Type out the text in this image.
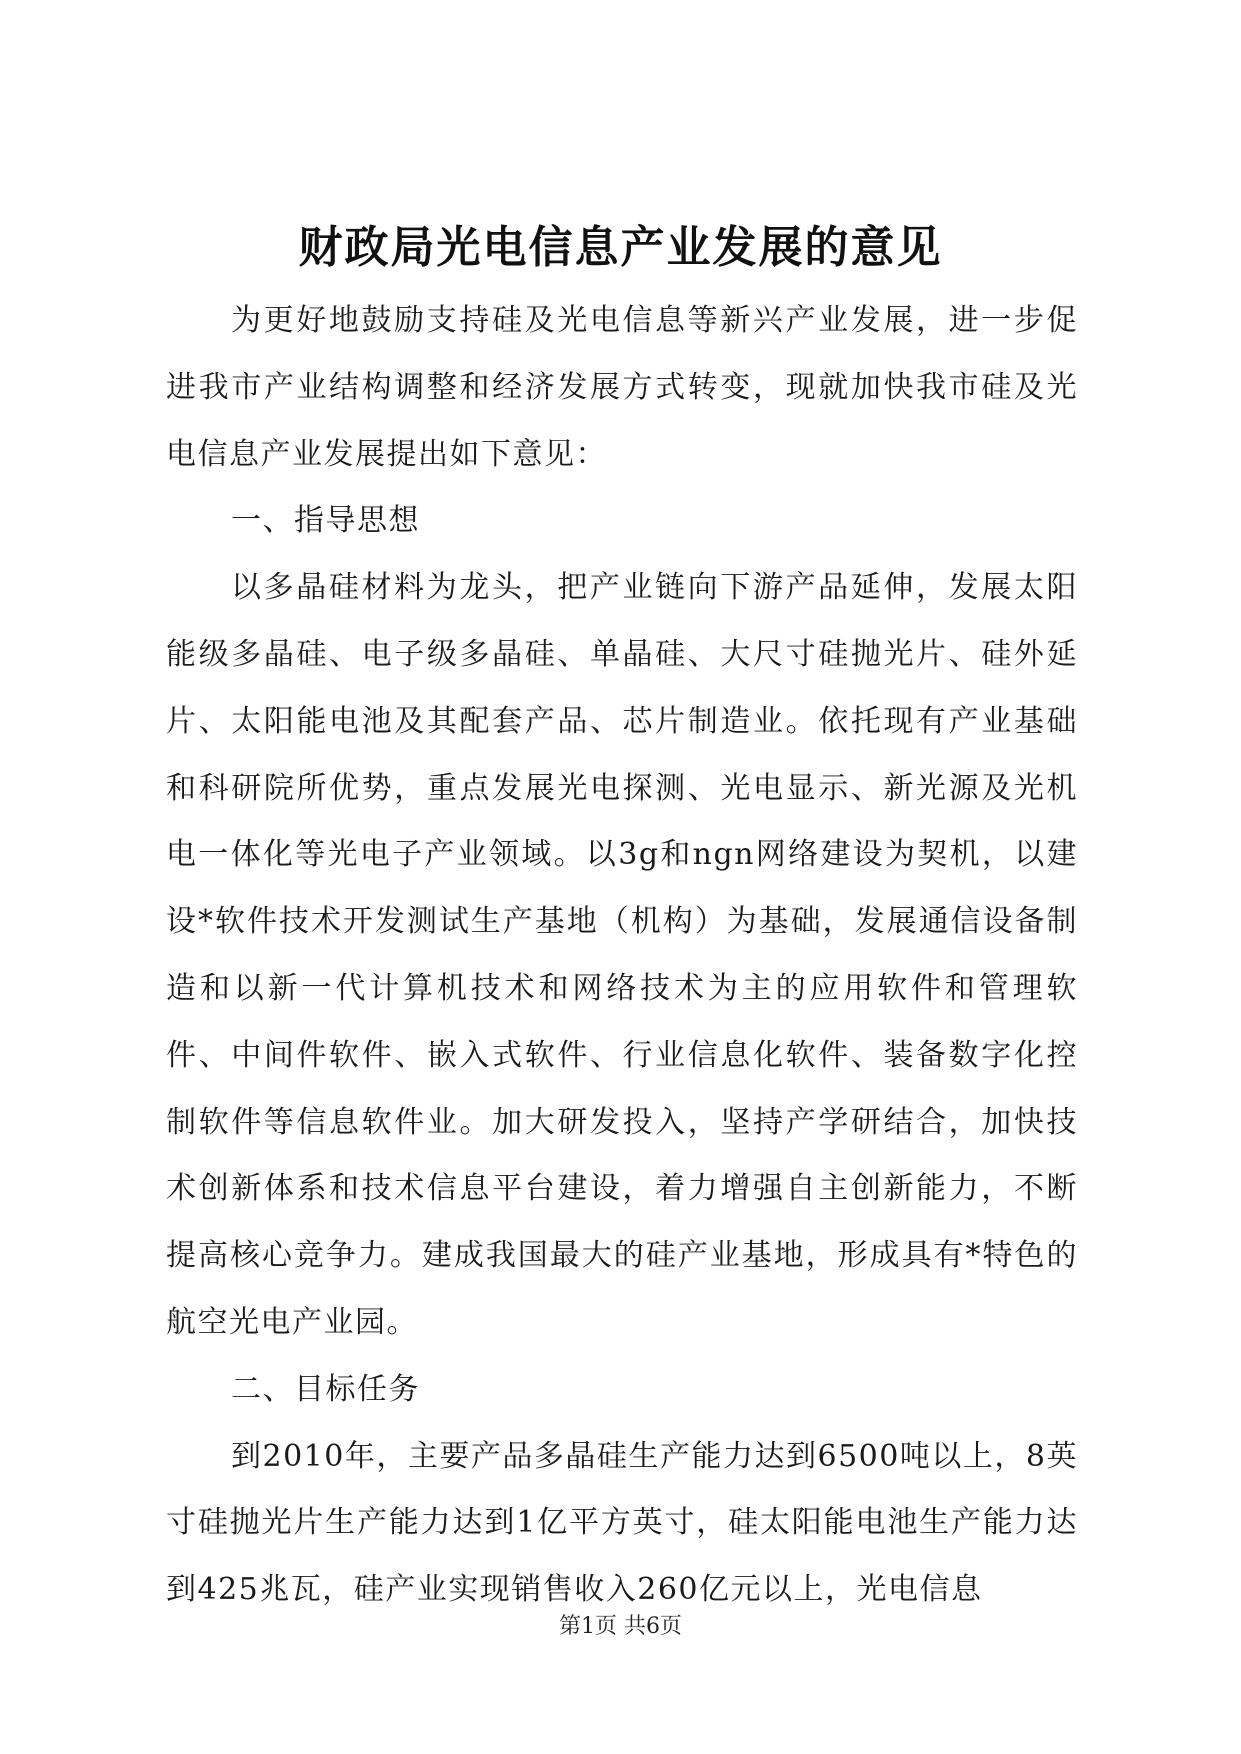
财政局光电信息产业发展的意见

为更好地鼓励支持硅及光电信息等新兴产业发展，进一步促进我市产业结构调整和经济发展方式转变，现就加快我市硅及光电信息产业发展提出如下意见：

一、指导思想

以多晶硅材料为龙头，把产业链向下游产品延伸，发展太阳能级多晶硅、电子级多晶硅、单晶硅、大尺寸硅抛光片、硅外延片、太阳能电池及其配套产品、芯片制造业。依托现有产业基础和科研院所优势，重点发展光电探测、光电显示、新光源及光机电一体化等光电子产业领域。以3g和ngn网络建设为契机，以建设*软件技术开发测试生产基地（机构）为基础，发展通信设备制造和以新一代计算机技术和网络技术为主的应用软件和管理软件、中间件软件、嵌入式软件、行业信息化软件、装备数字化控制软件等信息软件业。加大研发投入，坚持产学研结合，加快技术创新体系和技术信息平台建设，着力增强自主创新能力，不断提高核心竞争力。建成我国最大的硅产业基地，形成具有*特色的航空光电产业园。

二、目标任务

到2010年，主要产品多晶硅生产能力达到6500吨以上，8英寸硅抛光片生产能力达到1亿平方英寸，硅太阳能电池生产能力达到425兆瓦，硅产业实现销售收入260亿元以上，光电信息

第1页 共6页
